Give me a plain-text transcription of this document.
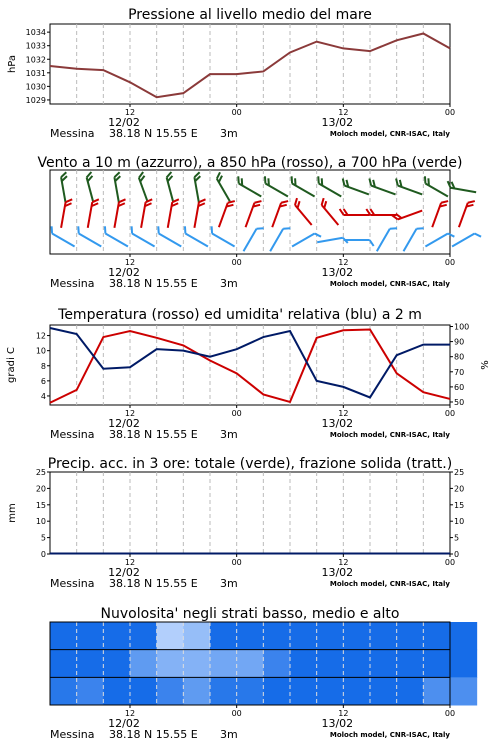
Pressione al livello medio del mare
1029
1030
1031
1032
1033
1034
hPa
12	00	12	00
12/02	13/02
Messina 38.18 N 15.55 E 3m	Moloch model, CNR-ISAC, Italy
Vento a 10 m (azzurro), a 850 hPa (rosso), a 700 hPa (verde)
12	00	12	00
12/02	13/02
Messina 38.18 N 15.55 E 3m	Moloch model, CNR-ISAC, Italy
Temperatura (rosso) ed umidita' relativa (blu) a 2 m
4
6
8
10
12
50
60
70
80
90
100
gradi C	%
12	00	12	00
12/02	13/02
Messina 38.18 N 15.55 E 3m	Moloch model, CNR-ISAC, Italy
Precip. acc. in 3 ore: totale (verde), frazione solida (tratt.)
0	0
5	5
10	10
15	15
20	20
25	25
mm
12	00	12	00
12/02	13/02
Messina 38.18 N 15.55 E 3m	Moloch model, CNR-ISAC, Italy
Nuvolosita' negli strati basso, medio e alto
12	00	12	00
12/02	13/02
Messina 38.18 N 15.55 E 3m	Moloch model, CNR-ISAC, Italy
